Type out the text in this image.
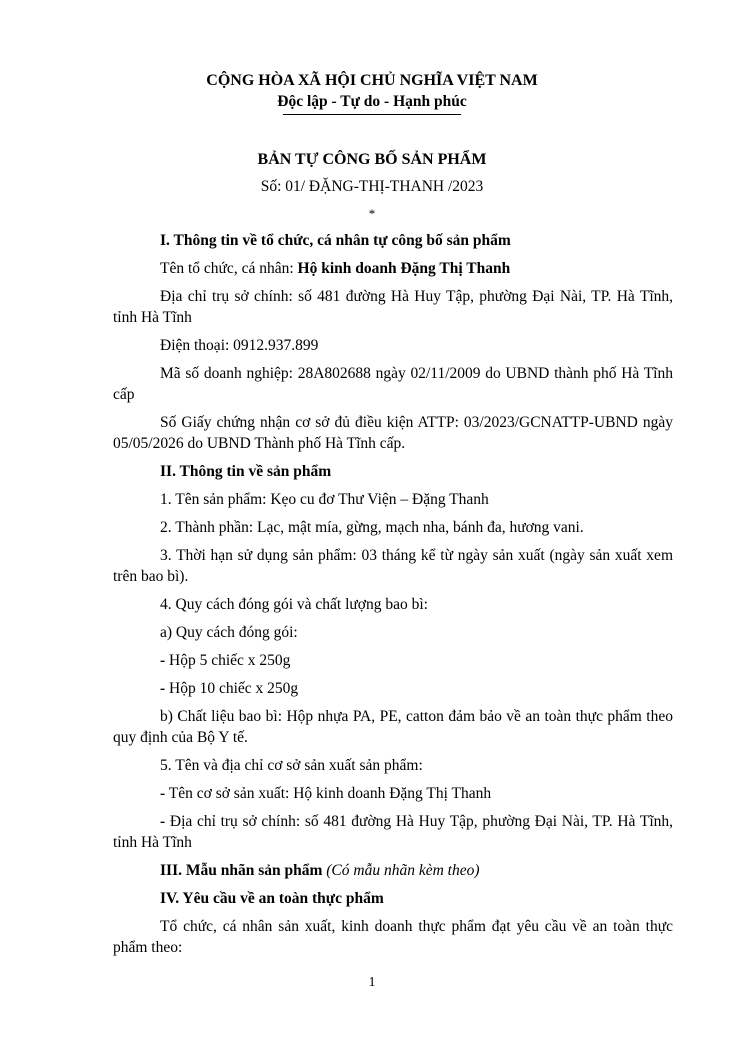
CỘNG HÒA XÃ HỘI CHỦ NGHĨA VIỆT NAM
Độc lập - Tự do - Hạnh phúc
BẢN TỰ CÔNG BỐ SẢN PHẨM
Số: 01/ ĐẶNG-THỊ-THANH /2023
*

I. Thông tin về tổ chức, cá nhân tự công bố sản phẩm

Tên tổ chức, cá nhân: Hộ kinh doanh Đặng Thị Thanh

Địa chỉ trụ sở chính: số 481 đường Hà Huy Tập, phường Đại Nài, TP. Hà Tĩnh, tỉnh Hà Tĩnh

Điện thoại: 0912.937.899

Mã số doanh nghiệp: 28A802688 ngày 02/11/2009 do UBND thành phố Hà Tĩnh cấp

Số Giấy chứng nhận cơ sở đủ điều kiện ATTP: 03/2023/GCNATTP-UBND ngày 05/05/2026 do UBND Thành phố Hà Tĩnh cấp.

II. Thông tin về sản phẩm

1. Tên sản phẩm: Kẹo cu đơ Thư Viện – Đặng Thanh

2. Thành phần: Lạc, mật mía, gừng, mạch nha, bánh đa, hương vani.

3. Thời hạn sử dụng sản phẩm: 03 tháng kể từ ngày sản xuất (ngày sản xuất xem trên bao bì).

4. Quy cách đóng gói và chất lượng bao bì:

a) Quy cách đóng gói:

- Hộp 5 chiếc x 250g

- Hộp 10 chiếc x 250g

b) Chất liệu bao bì: Hộp nhựa PA, PE, catton đảm bảo về an toàn thực phẩm theo quy định của Bộ Y tế.

5. Tên và địa chỉ cơ sở sản xuất sản phẩm:

- Tên cơ sở sản xuất: Hộ kinh doanh Đặng Thị Thanh

- Địa chỉ trụ sở chính: số 481 đường Hà Huy Tập, phường Đại Nài, TP. Hà Tĩnh, tỉnh Hà Tĩnh

III. Mẫu nhãn sản phẩm (Có mẫu nhãn kèm theo)

IV. Yêu cầu về an toàn thực phẩm

Tổ chức, cá nhân sản xuất, kinh doanh thực phẩm đạt yêu cầu về an toàn thực phẩm theo:

1
